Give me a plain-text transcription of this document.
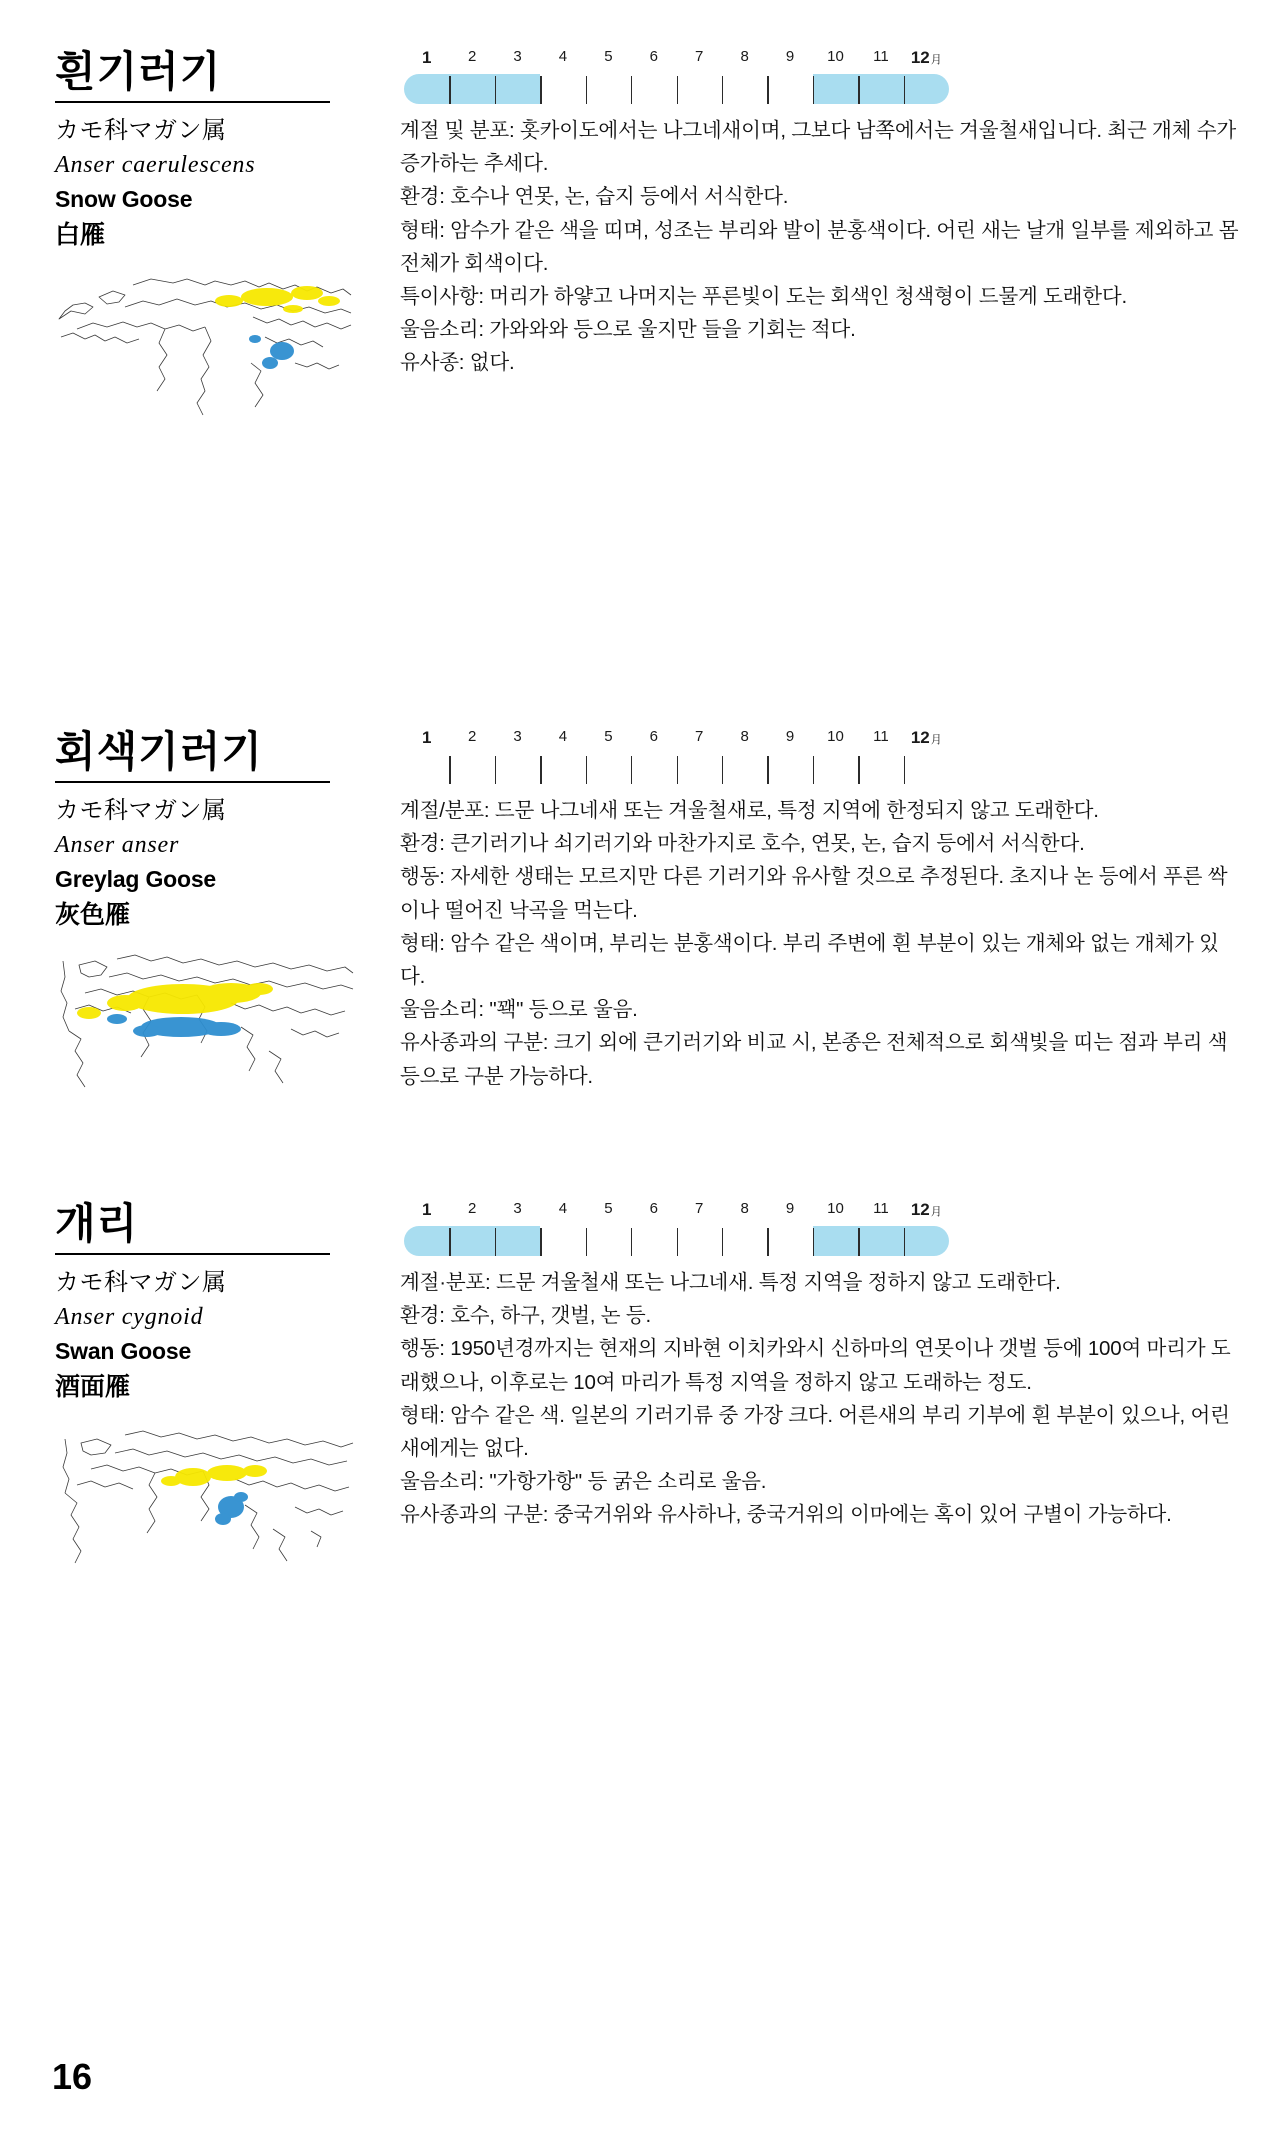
흰기러기
カモ科マガン属
Anser caerulescens
Snow Goose
白雁
1 2 3 4 5 6 7 8 9 10 11 12月

계절 및 분포: 홋카이도에서는 나그네새이며, 그보다 남쪽에서는 겨울철새입니다. 최근 개체 수가 증가하는 추세다.

환경: 호수나 연못, 논, 습지 등에서 서식한다.

형태: 암수가 같은 색을 띠며, 성조는 부리와 발이 분홍색이다. 어린 새는 날개 일부를 제외하고 몸 전체가 회색이다.

특이사항: 머리가 하얗고 나머지는 푸른빛이 도는 회색인 청색형이 드물게 도래한다.

울음소리: 가와와와 등으로 울지만 들을 기회는 적다.

유사종: 없다.

회색기러기
カモ科マガン属
Anser anser
Greylag Goose
灰色雁
1 2 3 4 5 6 7 8 9 10 11 12月

계절/분포: 드문 나그네새 또는 겨울철새로, 특정 지역에 한정되지 않고 도래한다.

환경: 큰기러기나 쇠기러기와 마찬가지로 호수, 연못, 논, 습지 등에서 서식한다.

행동: 자세한 생태는 모르지만 다른 기러기와 유사할 것으로 추정된다. 초지나 논 등에서 푸른 싹이나 떨어진 낙곡을 먹는다.

형태: 암수 같은 색이며, 부리는 분홍색이다. 부리 주변에 흰 부분이 있는 개체와 없는 개체가 있다.

울음소리: "꽥" 등으로 울음.

유사종과의 구분: 크기 외에 큰기러기와 비교 시, 본종은 전체적으로 회색빛을 띠는 점과 부리 색 등으로 구분 가능하다.

개리
カモ科マガン属
Anser cygnoid
Swan Goose
酒面雁
1 2 3 4 5 6 7 8 9 10 11 12月

계절·분포: 드문 겨울철새 또는 나그네새. 특정 지역을 정하지 않고 도래한다.

환경: 호수, 하구, 갯벌, 논 등.

행동: 1950년경까지는 현재의 지바현 이치카와시 신하마의 연못이나 갯벌 등에 100여 마리가 도래했으나, 이후로는 10여 마리가 특정 지역을 정하지 않고 도래하는 정도.

형태: 암수 같은 색. 일본의 기러기류 중 가장 크다. 어른새의 부리 기부에 흰 부분이 있으나, 어린 새에게는 없다.

울음소리: "가항가항" 등 굵은 소리로 울음.

유사종과의 구분: 중국거위와 유사하나, 중국거위의 이마에는 혹이 있어 구별이 가능하다.

16
